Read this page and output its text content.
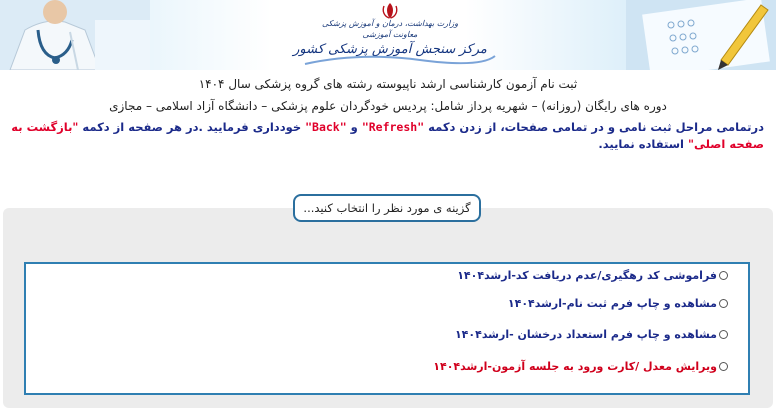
وزارت بهداشت، درمان و آموزش پزشکی
معاونت آموزشی
مرکز سنجش آموزش پزشکی کشور
ثبت نام آزمون کارشناسی ارشد ناپیوسته رشته های گروه پزشکی سال ۱۴۰۴
دوره های رایگان (روزانه) – شهریه پرداز شامل: پردیس خودگردان علوم پزشکی – دانشگاه آزاد اسلامی – مجازی
درتمامی مراحل ثبت نامی و در تمامی صفحات، از زدن دکمه "Refresh" و "Back" خودداری فرمایید .در هر صفحه از دکمه "بازگشت به صفحه اصلی" استفاده نمایید.
گزینه ی مورد نظر را انتخاب کنید...
فراموشی کد رهگیری/عدم دریافت کد-ارشد۱۴۰۴
مشاهده و چاپ فرم ثبت نام-ارشد۱۴۰۴
مشاهده و چاپ فرم استعداد درخشان -ارشد۱۴۰۴
ویرایش معدل /کارت ورود به جلسه آزمون-ارشد۱۴۰۴
